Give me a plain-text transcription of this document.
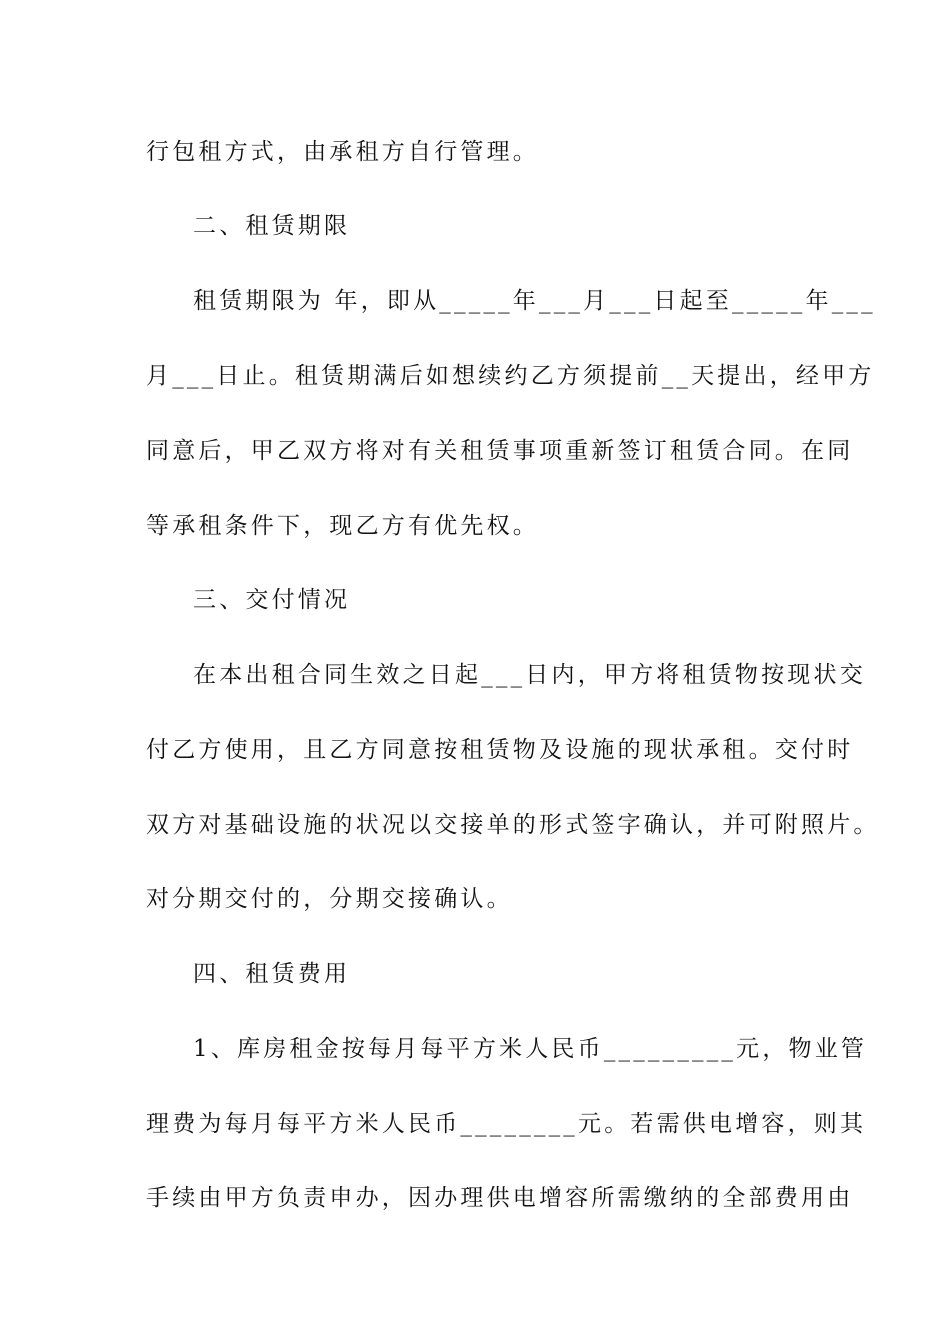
行包租方式，由承租方自行管理。
二、租赁期限
租赁期限为 年，即从_____年___月___日起至_____年___
月___日止。租赁期满后如想续约乙方须提前__天提出，经甲方
同意后，甲乙双方将对有关租赁事项重新签订租赁合同。在同
等承租条件下，现乙方有优先权。
三、交付情况
在本出租合同生效之日起___日内，甲方将租赁物按现状交
付乙方使用，且乙方同意按租赁物及设施的现状承租。交付时
双方对基础设施的状况以交接单的形式签字确认，并可附照片。
对分期交付的，分期交接确认。
四、租赁费用
1、库房租金按每月每平方米人民币_________元，物业管
理费为每月每平方米人民币________元。若需供电增容，则其
手续由甲方负责申办，因办理供电增容所需缴纳的全部费用由
